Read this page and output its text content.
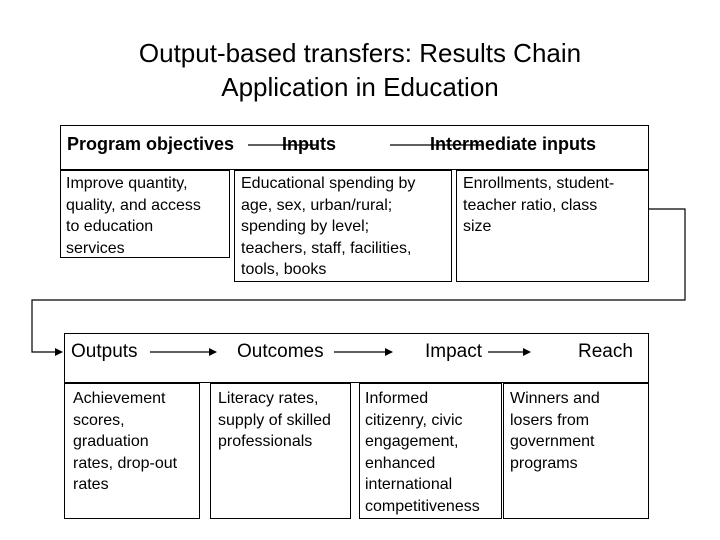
Output-based transfers: Results Chain
Application in Education
Program objectives	Inputs	Intermediate inputs
Improve quantity,
quality, and access
to education
services
Educational spending by
age, sex, urban/rural;
spending by level;
teachers, staff, facilities,
tools, books
Enrollments, student-
teacher ratio, class
size
Outputs	Outcomes	Impact	Reach
Achievement
scores,
graduation
rates, drop-out
rates
Literacy rates,
supply of skilled
professionals
Informed
citizenry, civic
engagement,
enhanced
international
competitiveness
Winners and
losers from
government
programs
